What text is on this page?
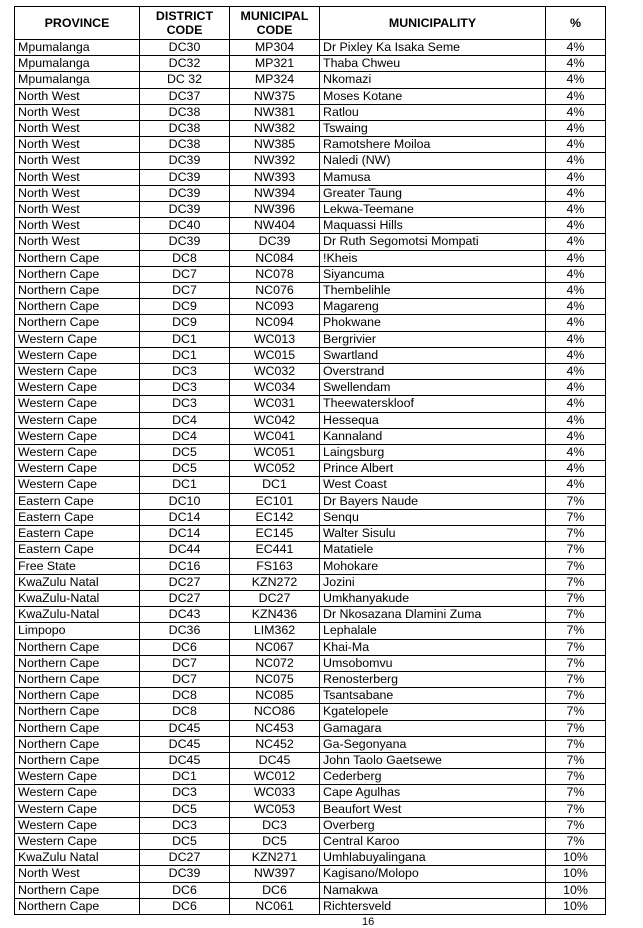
PROVINCE	DISTRICT CODE	MUNICIPAL CODE	MUNICIPALITY	%
Mpumalanga	DC30	MP304	Dr Pixley Ka Isaka Seme	4%
Mpumalanga	DC32	MP321	Thaba Chweu	4%
Mpumalanga	DC 32	MP324	Nkomazi	4%
North West	DC37	NW375	Moses Kotane	4%
North West	DC38	NW381	Ratlou	4%
North West	DC38	NW382	Tswaing	4%
North West	DC38	NW385	Ramotshere Moiloa	4%
North West	DC39	NW392	Naledi (NW)	4%
North West	DC39	NW393	Mamusa	4%
North West	DC39	NW394	Greater Taung	4%
North West	DC39	NW396	Lekwa-Teemane	4%
North West	DC40	NW404	Maquassi Hills	4%
North West	DC39	DC39	Dr Ruth Segomotsi Mompati	4%
Northern Cape	DC8	NC084	!Kheis	4%
Northern Cape	DC7	NC078	Siyancuma	4%
Northern Cape	DC7	NC076	Thembelihle	4%
Northern Cape	DC9	NC093	Magareng	4%
Northern Cape	DC9	NC094	Phokwane	4%
Western Cape	DC1	WC013	Bergrivier	4%
Western Cape	DC1	WC015	Swartland	4%
Western Cape	DC3	WC032	Overstrand	4%
Western Cape	DC3	WC034	Swellendam	4%
Western Cape	DC3	WC031	Theewaterskloof	4%
Western Cape	DC4	WC042	Hessequa	4%
Western Cape	DC4	WC041	Kannaland	4%
Western Cape	DC5	WC051	Laingsburg	4%
Western Cape	DC5	WC052	Prince Albert	4%
Western Cape	DC1	DC1	West Coast	4%
Eastern Cape	DC10	EC101	Dr Bayers Naude	7%
Eastern Cape	DC14	EC142	Senqu	7%
Eastern Cape	DC14	EC145	Walter Sisulu	7%
Eastern Cape	DC44	EC441	Matatiele	7%
Free State	DC16	FS163	Mohokare	7%
KwaZulu Natal	DC27	KZN272	Jozini	7%
KwaZulu-Natal	DC27	DC27	Umkhanyakude	7%
KwaZulu-Natal	DC43	KZN436	Dr Nkosazana Dlamini Zuma	7%
Limpopo	DC36	LIM362	Lephalale	7%
Northern Cape	DC6	NC067	Khai-Ma	7%
Northern Cape	DC7	NC072	Umsobomvu	7%
Northern Cape	DC7	NC075	Renosterberg	7%
Northern Cape	DC8	NC085	Tsantsabane	7%
Northern Cape	DC8	NCO86	Kgatelopele	7%
Northern Cape	DC45	NC453	Gamagara	7%
Northern Cape	DC45	NC452	Ga-Segonyana	7%
Northern Cape	DC45	DC45	John Taolo Gaetsewe	7%
Western Cape	DC1	WC012	Cederberg	7%
Western Cape	DC3	WC033	Cape Agulhas	7%
Western Cape	DC5	WC053	Beaufort West	7%
Western Cape	DC3	DC3	Overberg	7%
Western Cape	DC5	DC5	Central Karoo	7%
KwaZulu Natal	DC27	KZN271	Umhlabuyalingana	10%
North West	DC39	NW397	Kagisano/Molopo	10%
Northern Cape	DC6	DC6	Namakwa	10%
Northern Cape	DC6	NC061	Richtersveld	10%
16
